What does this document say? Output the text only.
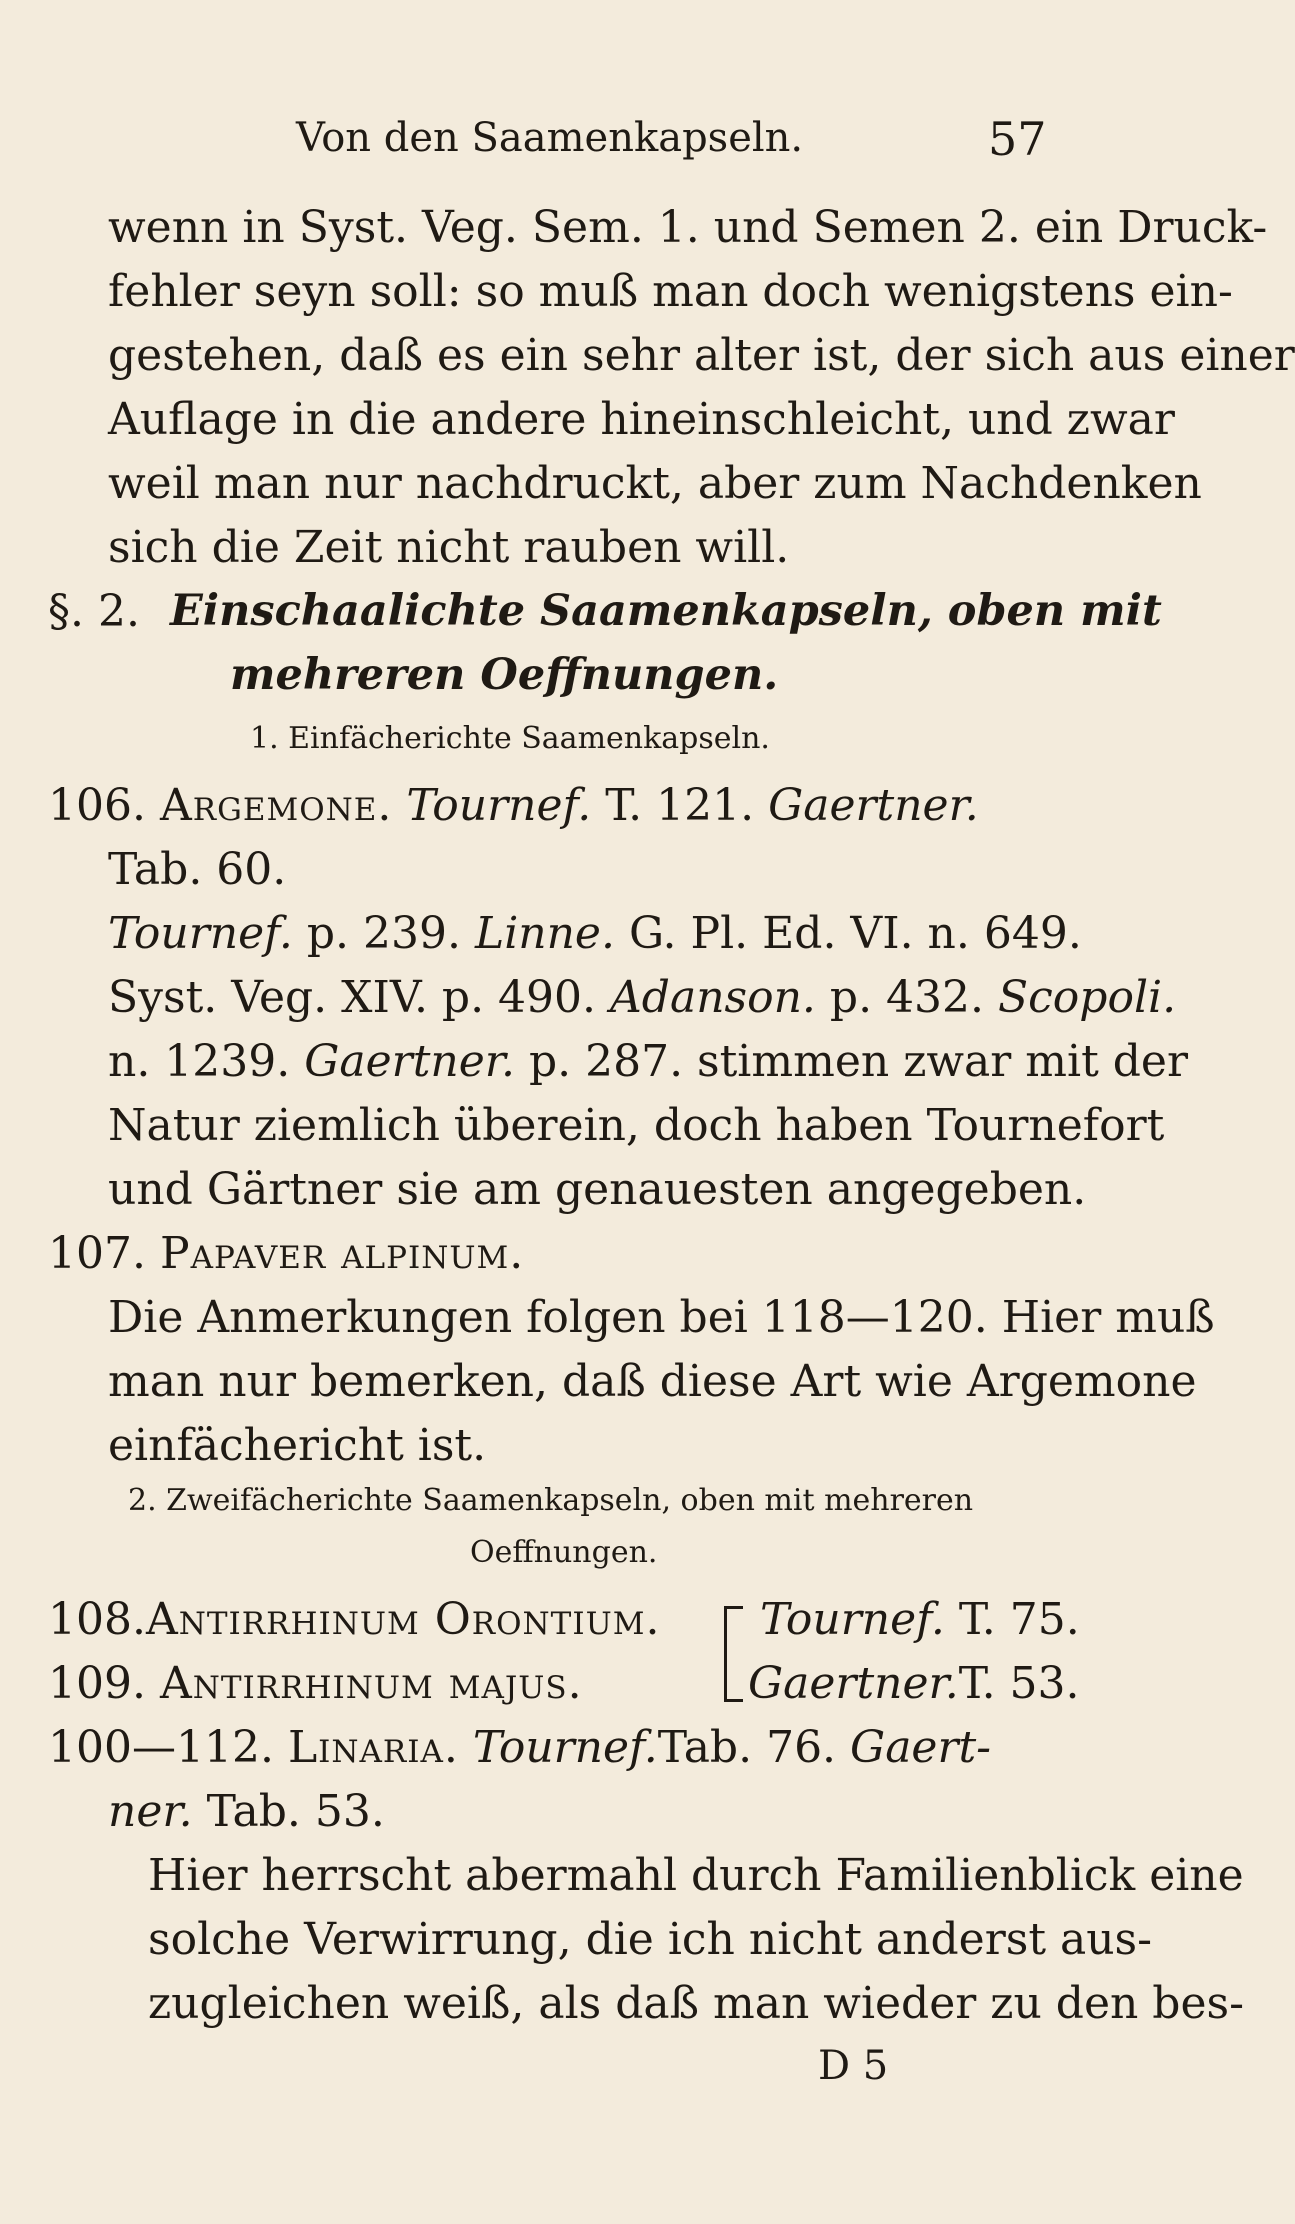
Von den Saamenkapseln.	57
wenn in Syst. Veg. Sem. 1. und Semen 2. ein Druck-
fehler seyn soll: so muß man doch wenigstens ein-
gestehen, daß es ein sehr alter ist, der sich aus einer
Auflage in die andere hineinschleicht, und zwar
weil man nur nachdruckt, aber zum Nachdenken
sich die Zeit nicht rauben will.
§. 2. Einschaalichte Saamenkapseln, oben mit
mehreren Oeffnungen.
1. Einfächerichte Saamenkapseln.
106. Argemone. Tournef. T. 121. Gaertner.
Tab. 60.
Tournef. p. 239. Linne. G. Pl. Ed. VI. n. 649.
Syst. Veg. XIV. p. 490. Adanson. p. 432. Scopoli.
n. 1239. Gaertner. p. 287. stimmen zwar mit der
Natur ziemlich überein, doch haben Tournefort
und Gärtner sie am genauesten angegeben.
107. Papaver alpinum.
Die Anmerkungen folgen bei 118—120. Hier muß
man nur bemerken, daß diese Art wie Argemone
einfächericht ist.
2. Zweifächerichte Saamenkapseln, oben mit mehreren
Oeffnungen.
108.Antirrhinum Orontium. Tournef. T. 75.
109. Antirrhinum majus.	Gaertner.T. 53.
100—112. Linaria. Tournef.Tab. 76. Gaert-
ner. Tab. 53.
Hier herrscht abermahl durch Familienblick eine
solche Verwirrung, die ich nicht anderst aus-
zugleichen weiß, als daß man wieder zu den bes-
D 5
